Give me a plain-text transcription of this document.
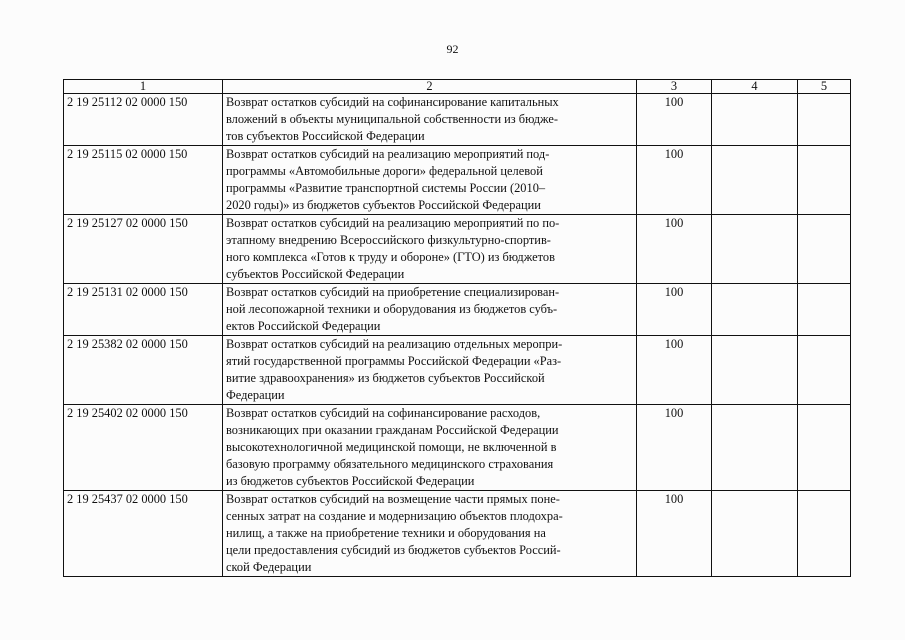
92
1	2	3	4	5
2 19 25112 02 0000 150	Возврат остатков субсидий на софинансирование капитальных
вложений в объекты муниципальной собственности из бюдже-
тов субъектов Российской Федерации	100		
2 19 25115 02 0000 150	Возврат остатков субсидий на реализацию мероприятий под-
программы «Автомобильные дороги» федеральной целевой
программы «Развитие транспортной системы России (2010–
2020 годы)» из бюджетов субъектов Российской Федерации	100		
2 19 25127 02 0000 150	Возврат остатков субсидий на реализацию мероприятий по по-
этапному внедрению Всероссийского физкультурно-спортив-
ного комплекса «Готов к труду и обороне» (ГТО) из бюджетов
субъектов Российской Федерации	100		
2 19 25131 02 0000 150	Возврат остатков субсидий на приобретение специализирован-
ной лесопожарной техники и оборудования из бюджетов субъ-
ектов Российской Федерации	100		
2 19 25382 02 0000 150	Возврат остатков субсидий на реализацию отдельных меропри-
ятий государственной программы Российской Федерации «Раз-
витие здравоохранения» из бюджетов субъектов Российской
Федерации	100		
2 19 25402 02 0000 150	Возврат остатков субсидий на софинансирование расходов,
возникающих при оказании гражданам Российской Федерации
высокотехнологичной медицинской помощи, не включенной в
базовую программу обязательного медицинского страхования
из бюджетов субъектов Российской Федерации	100		
2 19 25437 02 0000 150	Возврат остатков субсидий на возмещение части прямых поне-
сенных затрат на создание и модернизацию объектов плодохра-
нилищ, а также на приобретение техники и оборудования на
цели предоставления субсидий из бюджетов субъектов Россий-
ской Федерации	100		
